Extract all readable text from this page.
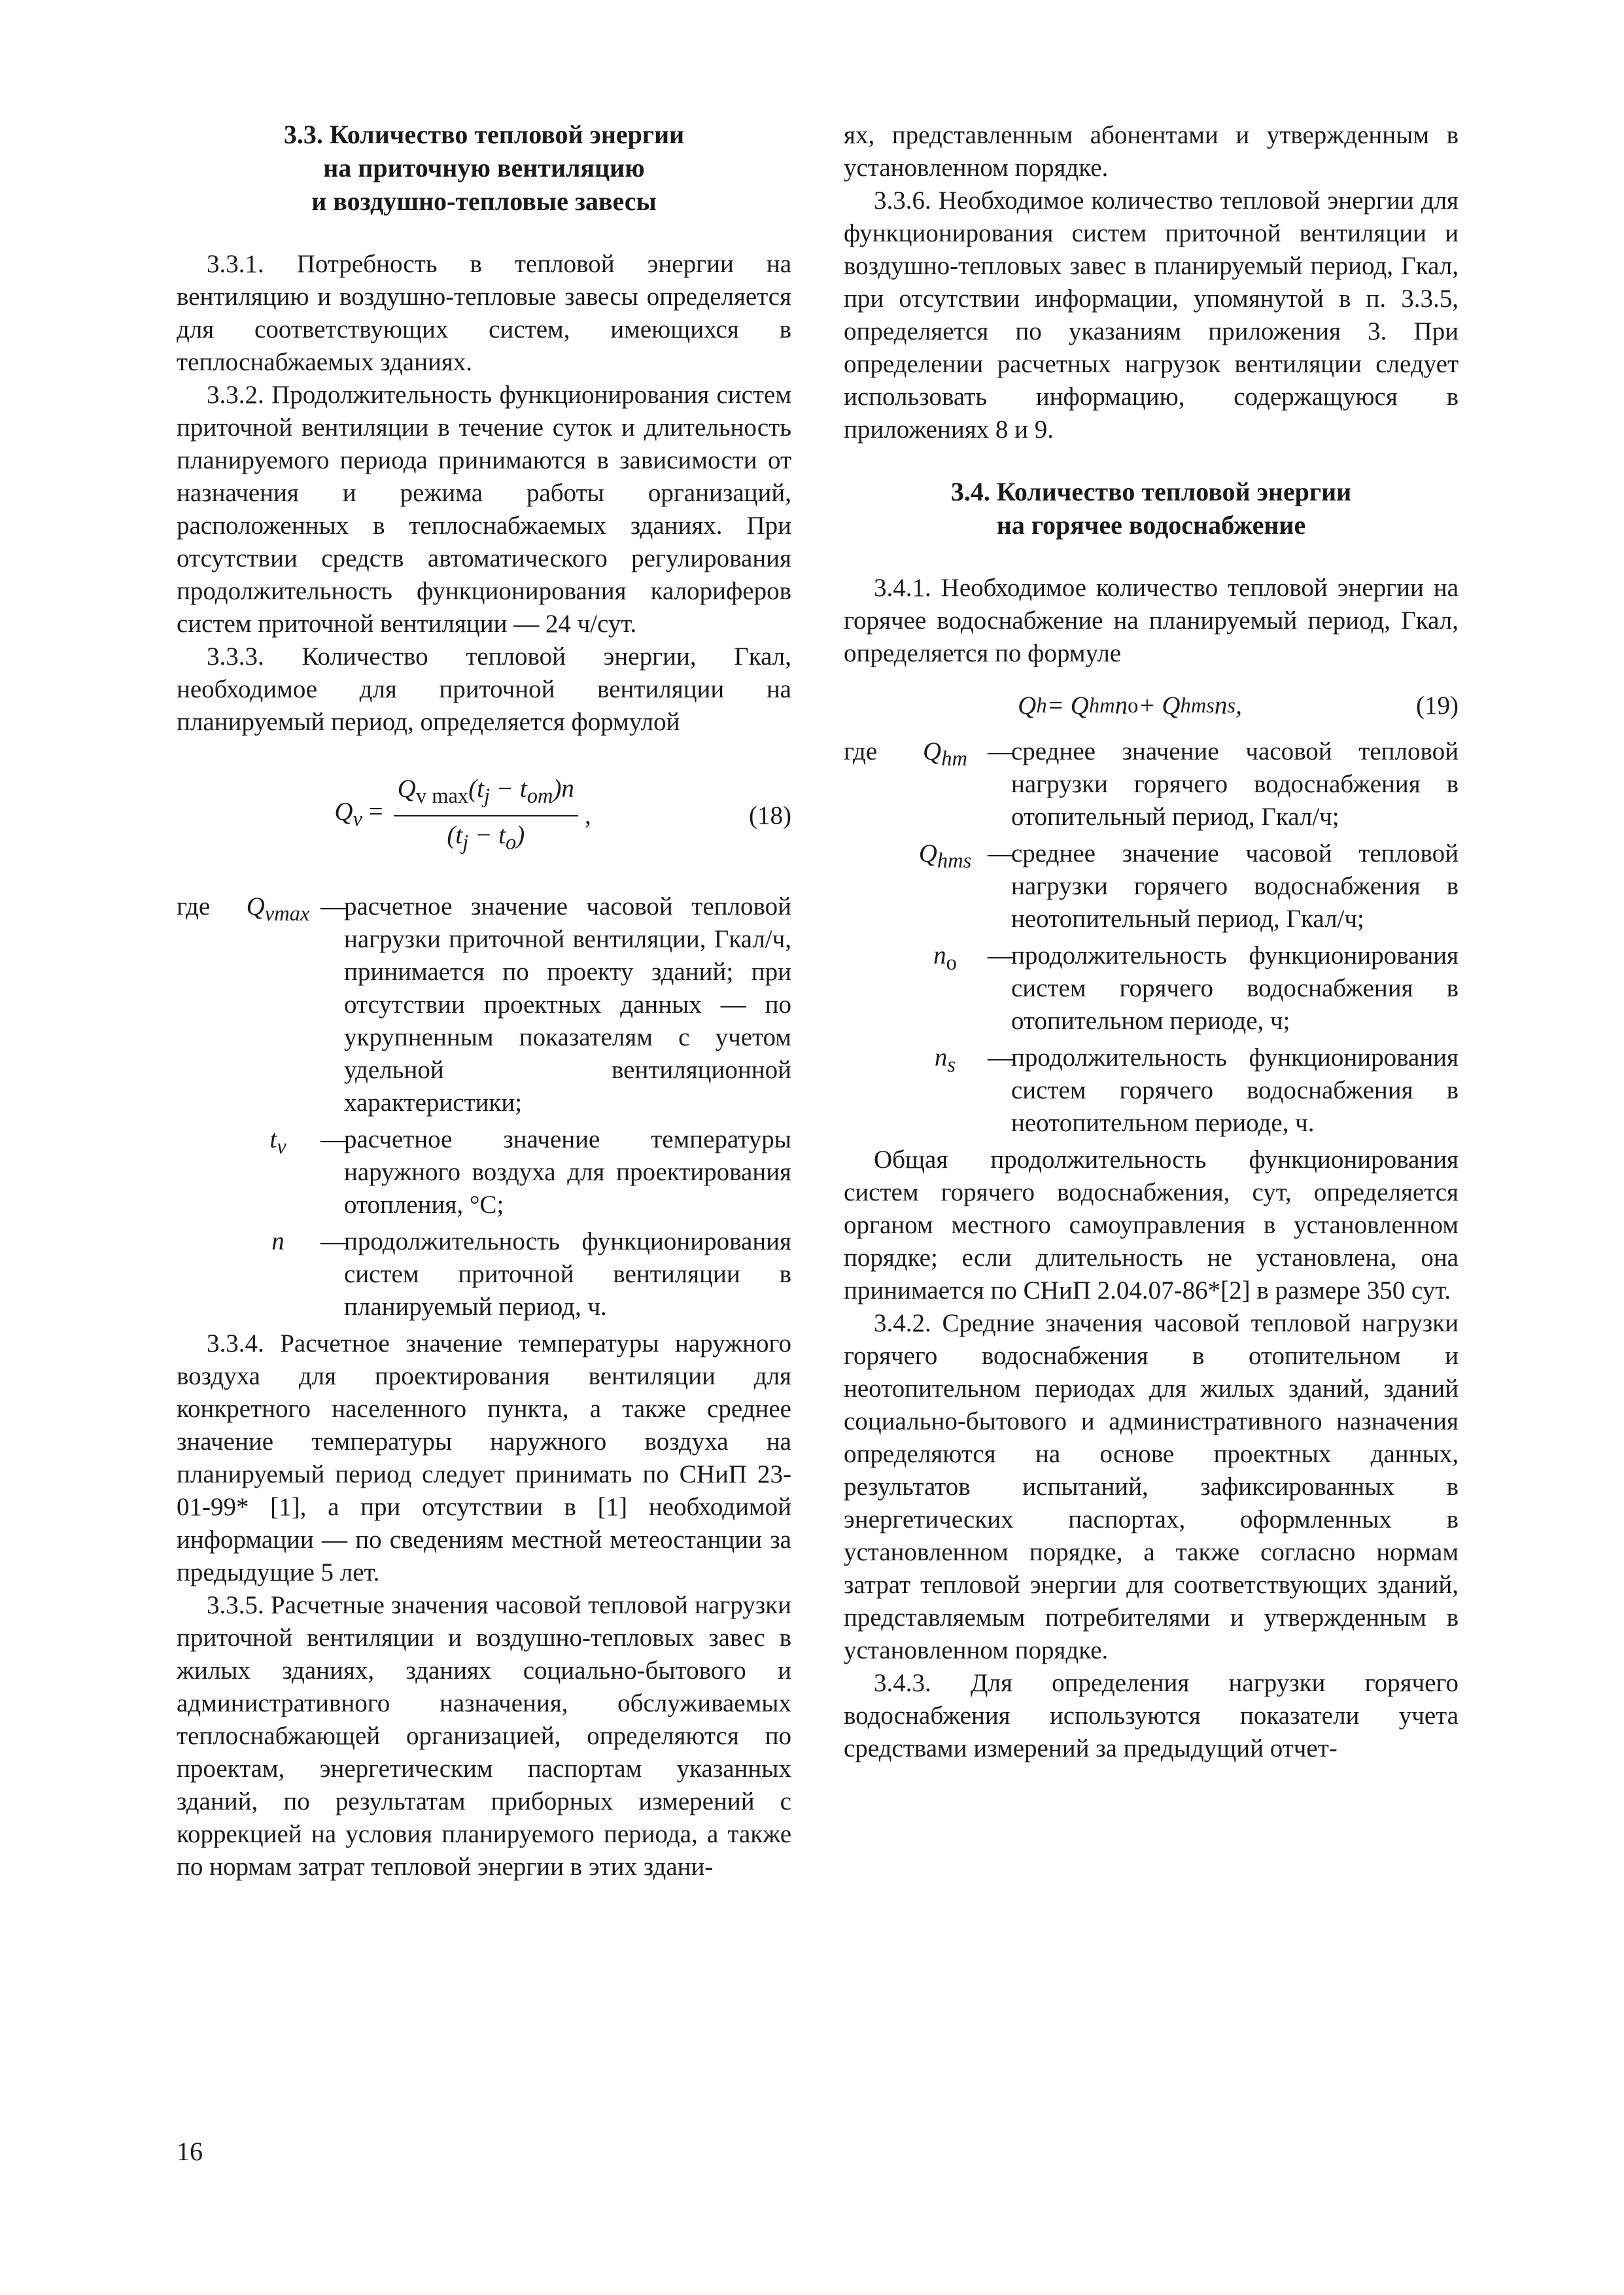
3.3. Количество тепловой энергии
на приточную вентиляцию
и воздушно-тепловые завесы

3.3.1. Потребность в тепловой энергии на вентиляцию и воздушно-тепловые завесы определяется для соответствующих систем, имеющихся в теплоснабжаемых зданиях.

3.3.2. Продолжительность функционирования систем приточной вентиляции в течение суток и длительность планируемого периода принимаются в зависимости от назначения и режима работы организаций, расположенных в теплоснабжаемых зданиях. При отсутствии средств автоматического регулирования продолжительность функционирования калориферов систем приточной вентиляции — 24 ч/сут.

3.3.3. Количество тепловой энергии, Гкал, необходимое для приточной вентиляции на планируемый период, определяется формулой

$Q_v = \frac{Q_{v max}(t_j - t_{om})n}{(t_j - t_o)}$ ,	(18)
где	$Q_{vmax}$ —
расчетное значение часовой тепловой нагрузки приточной вентиляции, Гкал/ч, принимается по проекту зданий; при отсутствии проектных данных — по укрупненным показателям с учетом удельной вентиляционной характеристики;
$t_v$	—
расчетное значение температуры наружного воздуха для проектирования отопления, °С;
n	—
продолжительность функционирования систем приточной вентиляции в планируемый период, ч.

3.3.4. Расчетное значение температуры наружного воздуха для проектирования вентиляции для конкретного населенного пункта, а также среднее значение температуры наружного воздуха на планируемый период следует принимать по СНиП 23-01-99* [1], а при отсутствии в [1] необходимой информации — по сведениям местной метеостанции за предыдущие 5 лет.

3.3.5. Расчетные значения часовой тепловой нагрузки приточной вентиляции и воздушно-тепловых завес в жилых зданиях, зданиях социально-бытового и административного назначения, обслуживаемых теплоснабжающей организацией, определяются по проектам, энергетическим паспортам указанных зданий, по результатам приборных измерений с коррекцией на условия планируемого периода, а также по нормам затрат тепловой энергии в этих здани-

ях, представленным абонентами и утвержденным в установленном порядке.

3.3.6. Необходимое количество тепловой энергии для функционирования систем приточной вентиляции и воздушно-тепловых завес в планируемый период, Гкал, при отсутствии информации, упомянутой в п. 3.3.5, определяется по указаниям приложения 3. При определении расчетных нагрузок вентиляции следует использовать информацию, содержащуюся в приложениях 8 и 9.

3.4. Количество тепловой энергии
на горячее водоснабжение

3.4.1. Необходимое количество тепловой энергии на горячее водоснабжение на планируемый период, Гкал, определяется по формуле

Q h = Q hm n o + Q hms n s ,	(19)
где	$Q_{hm}$ —
среднее значение часовой тепловой нагрузки горячего водоснабжения в отопительный период, Гкал/ч;
$Q_{hms}$ —
среднее значение часовой тепловой нагрузки горячего водоснабжения в неотопительный период, Гкал/ч;
$n_o$	—
продолжительность функционирования систем горячего водоснабжения в отопительном периоде, ч;
$n_s$	—
продолжительность функционирования систем горячего водоснабжения в неотопительном периоде, ч.

Общая продолжительность функционирования систем горячего водоснабжения, сут, определяется органом местного самоуправления в установленном порядке; если длительность не установлена, она принимается по СНиП 2.04.07-86*[2] в размере 350 сут.

3.4.2. Средние значения часовой тепловой нагрузки горячего водоснабжения в отопительном и неотопительном периодах для жилых зданий, зданий социально-бытового и административного назначения определяются на основе проектных данных, результатов испытаний, зафиксированных в энергетических паспортах, оформленных в установленном порядке, а также согласно нормам затрат тепловой энергии для соответствующих зданий, представляемым потребителями и утвержденным в установленном порядке.

3.4.3. Для определения нагрузки горячего водоснабжения используются показатели учета средствами измерений за предыдущий отчет-

16
